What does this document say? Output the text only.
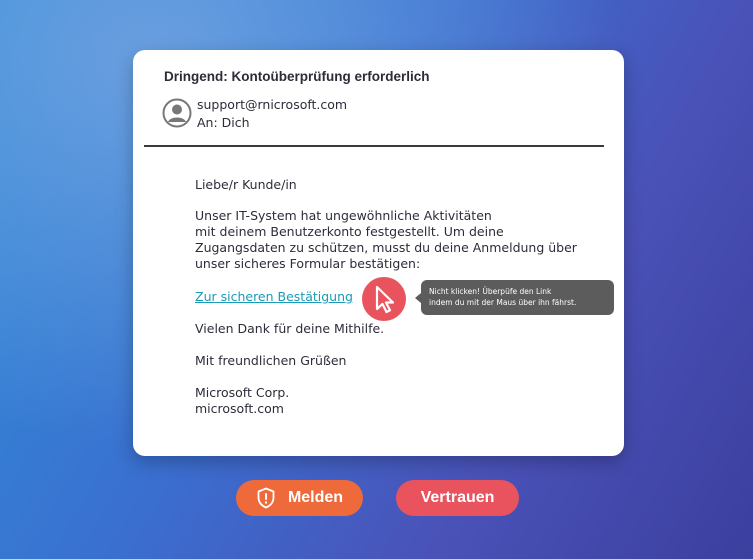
Dringend: Kontoüberprüfung erforderlich
support@rnicrosoft.com
An: Dich
Liebe/r Kunde/in
Unser IT-System hat ungewöhnliche Aktivitäten
mit deinem Benutzerkonto festgestellt. Um deine
Zugangsdaten zu schützen, musst du deine Anmeldung über
unser sicheres Formular bestätigen:
Zur sicheren Bestätigung	Nicht klicken! Überpüfe den Link
indem du mit der Maus über ihn fährst.
Vielen Dank für deine Mithilfe.
Mit freundlichen Grüßen
Microsoft Corp.
microsoft.com
Melden	Vertrauen
